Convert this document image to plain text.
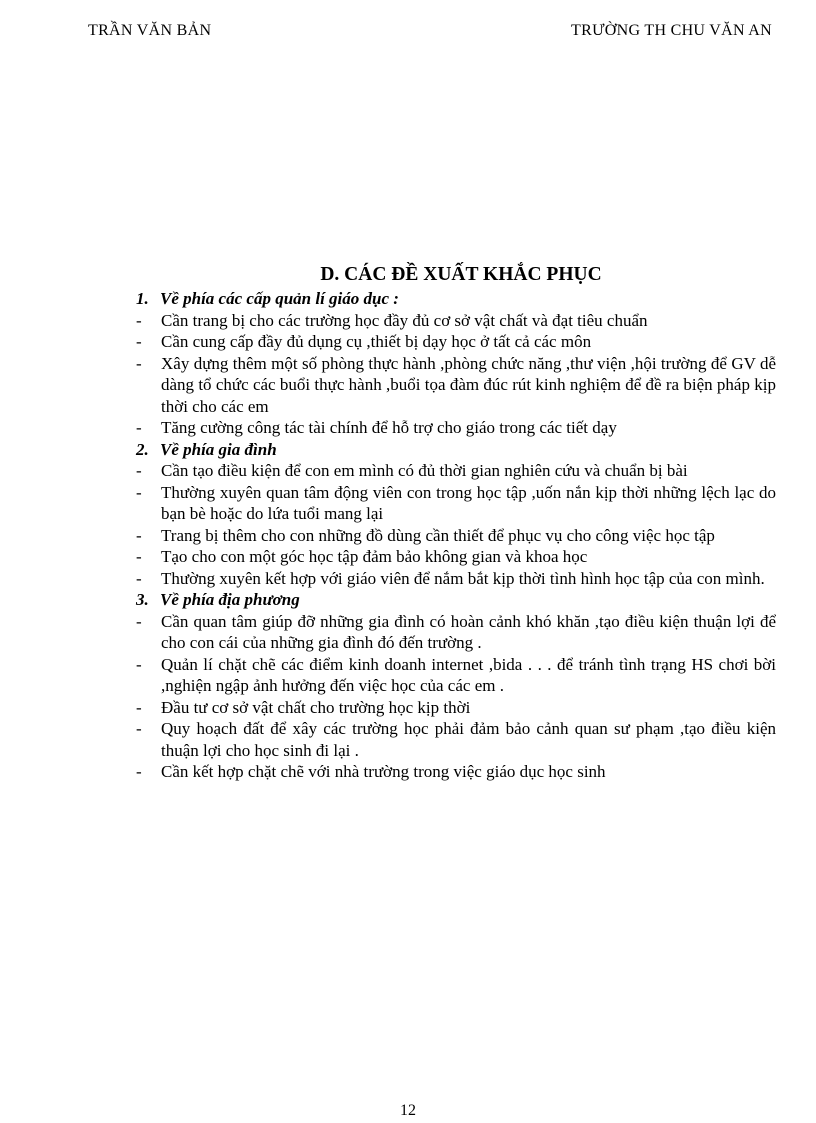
TRẦN VĂN BẢN	TRƯỜNG TH CHU VĂN AN
D. CÁC ĐỀ XUẤT KHẮC PHỤC
1. Về phía các cấp quản lí giáo dục :
- Cần trang bị cho các trường học đầy đủ cơ sở vật chất và đạt tiêu chuẩn
- Cần cung cấp đầy đủ dụng cụ ,thiết bị dạy học ở tất cả các môn
- Xây dựng thêm một số phòng thực hành ,phòng chức năng ,thư viện ,hội trường để GV dễ dàng tổ chức các buổi thực hành ,buổi tọa đàm đúc rút kinh nghiệm để đề ra biện pháp kịp thời cho các em
- Tăng cường công tác tài chính để hỗ trợ cho giáo trong các tiết dạy
2. Về phía gia đình
- Cần tạo điều kiện để con em mình có đủ thời gian nghiên cứu và chuẩn bị bài
- Thường xuyên quan tâm động viên con trong học tập ,uốn nắn kịp thời những lệch lạc do bạn bè hoặc do lứa tuổi mang lại
- Trang bị thêm cho con những đồ dùng cần thiết để phục vụ cho công việc học tập
- Tạo cho con một góc học tập đảm bảo không gian và khoa học
- Thường xuyên kết hợp với giáo viên để nắm bắt kịp thời tình hình học tập của con mình.
3. Về phía địa phương
- Cần quan tâm giúp đỡ những gia đình có hoàn cảnh khó khăn ,tạo điều kiện thuận lợi để cho con cái của những gia đình đó đến trường .
- Quản lí chặt chẽ các điểm kinh doanh internet ,bida . . . để tránh tình trạng HS chơi bời ,nghiện ngập ảnh hưởng đến việc học của các em .
- Đầu tư cơ sở vật chất cho trường học kịp thời
- Quy hoạch đất để xây các trường học phải đảm bảo cảnh quan sư phạm ,tạo điều kiện thuận lợi cho học sinh đi lại .
- Cần kết hợp chặt chẽ với nhà trường trong việc giáo dục học sinh
12
